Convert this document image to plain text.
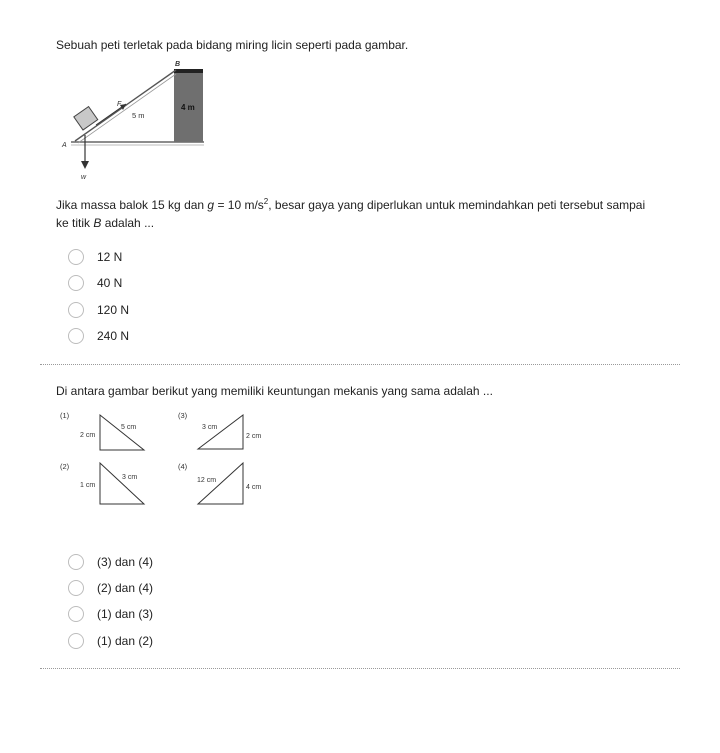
Sebuah peti terletak pada bidang miring licin seperti pada gambar.
B
F
5 m
4 m
A
w
Jika massa balok 15 kg dan g = 10 $m/s^2$, besar gaya yang diperlukan untuk memindahkan peti tersebut sampai
ke titik B adalah ...
12 N
40 N
120 N
240 N
Di antara gambar berikut yang memiliki keuntungan mekanis yang sama adalah ...
(1)
2 cm
5 cm
(3)
3 cm
2 cm
(2)
1 cm
3 cm
(4)
12 cm
4 cm
(3) dan (4)
(2) dan (4)
(1) dan (3)
(1) dan (2)
